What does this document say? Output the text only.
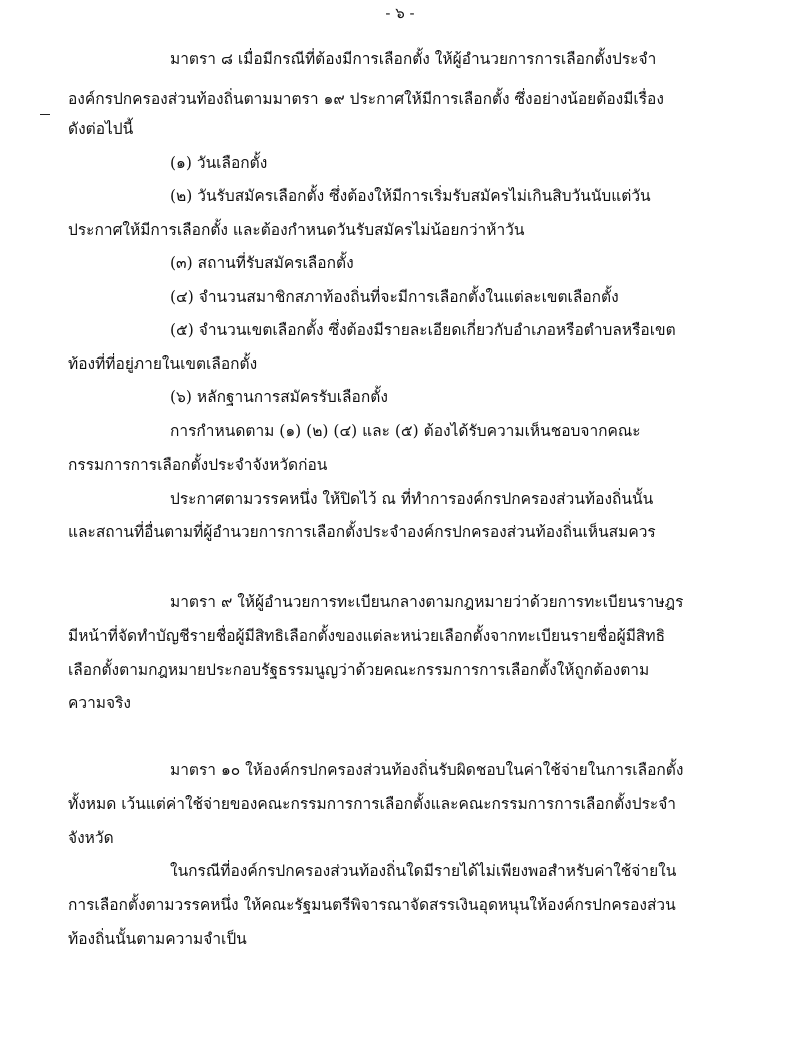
- ๖ -
มาตรา ๘ เมื่อมีกรณีที่ต้องมีการเลือกตั้ง ให้ผู้อำนวยการการเลือกตั้งประจำ
องค์กรปกครองส่วนท้องถิ่นตามมาตรา ๑๙ ประกาศให้มีการเลือกตั้ง ซึ่งอย่างน้อยต้องมีเรื่อง
ดังต่อไปนี้
(๑) วันเลือกตั้ง
(๒) วันรับสมัครเลือกตั้ง ซึ่งต้องให้มีการเริ่มรับสมัครไม่เกินสิบวันนับแต่วัน
ประกาศให้มีการเลือกตั้ง และต้องกำหนดวันรับสมัครไม่น้อยกว่าห้าวัน
(๓) สถานที่รับสมัครเลือกตั้ง
(๔) จำนวนสมาชิกสภาท้องถิ่นที่จะมีการเลือกตั้งในแต่ละเขตเลือกตั้ง
(๕) จำนวนเขตเลือกตั้ง ซึ่งต้องมีรายละเอียดเกี่ยวกับอำเภอหรือตำบลหรือเขต
ท้องที่ที่อยู่ภายในเขตเลือกตั้ง
(๖) หลักฐานการสมัครรับเลือกตั้ง
การกำหนดตาม (๑) (๒) (๔) และ (๕) ต้องได้รับความเห็นชอบจากคณะ
กรรมการการเลือกตั้งประจำจังหวัดก่อน
ประกาศตามวรรคหนึ่ง ให้ปิดไว้ ณ ที่ทำการองค์กรปกครองส่วนท้องถิ่นนั้น
และสถานที่อื่นตามที่ผู้อำนวยการการเลือกตั้งประจำองค์กรปกครองส่วนท้องถิ่นเห็นสมควร
มาตรา ๙ ให้ผู้อำนวยการทะเบียนกลางตามกฎหมายว่าด้วยการทะเบียนราษฎร
มีหน้าที่จัดทำบัญชีรายชื่อผู้มีสิทธิเลือกตั้งของแต่ละหน่วยเลือกตั้งจากทะเบียนรายชื่อผู้มีสิทธิ
เลือกตั้งตามกฎหมายประกอบรัฐธรรมนูญว่าด้วยคณะกรรมการการเลือกตั้งให้ถูกต้องตาม
ความจริง
มาตรา ๑๐ ให้องค์กรปกครองส่วนท้องถิ่นรับผิดชอบในค่าใช้จ่ายในการเลือกตั้ง
ทั้งหมด เว้นแต่ค่าใช้จ่ายของคณะกรรมการการเลือกตั้งและคณะกรรมการการเลือกตั้งประจำ
จังหวัด
ในกรณีที่องค์กรปกครองส่วนท้องถิ่นใดมีรายได้ไม่เพียงพอสำหรับค่าใช้จ่ายใน
การเลือกตั้งตามวรรคหนึ่ง ให้คณะรัฐมนตรีพิจารณาจัดสรรเงินอุดหนุนให้องค์กรปกครองส่วน
ท้องถิ่นนั้นตามความจำเป็น
